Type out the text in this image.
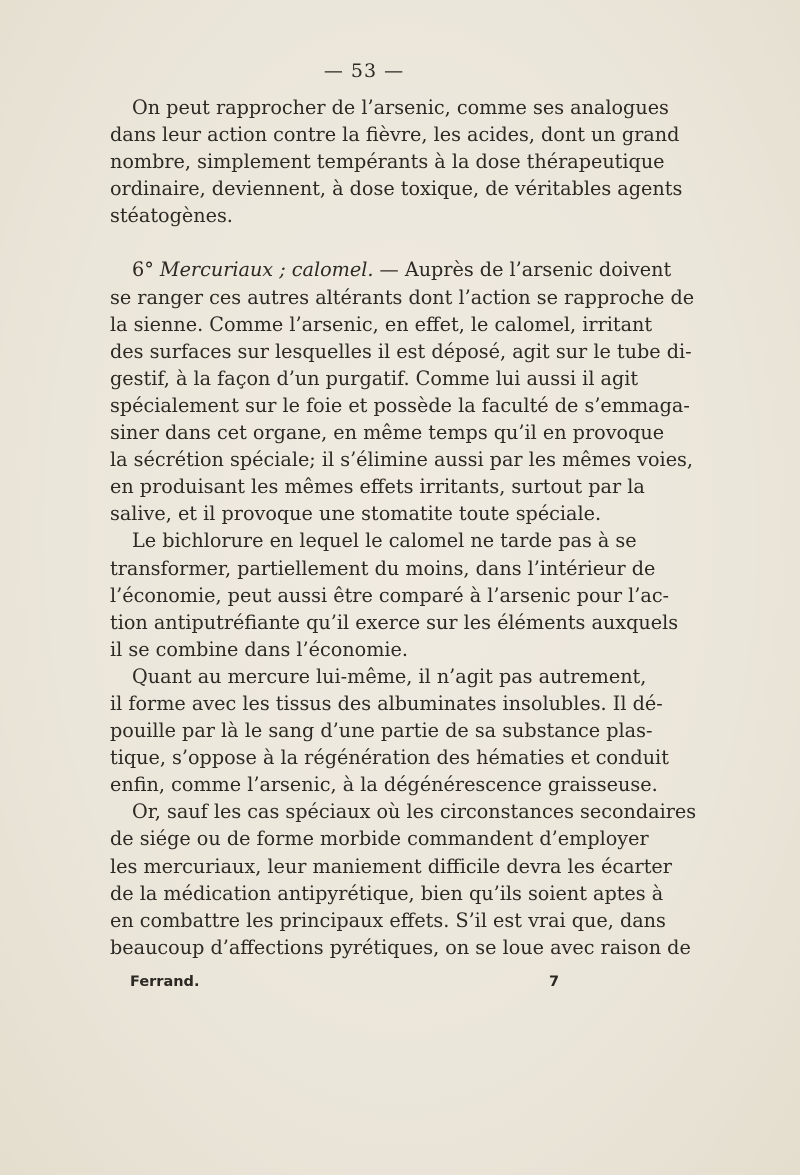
— 53 —
On peut rapprocher de l’arsenic, comme ses analogues
dans leur action contre la fièvre, les acides, dont un grand
nombre, simplement tempérants à la dose thérapeutique
ordinaire, deviennent, à dose toxique, de véritables agents
stéatogènes.
6° Mercuriaux ; calomel. — Auprès de l’arsenic doivent
se ranger ces autres altérants dont l’action se rapproche de
la sienne. Comme l’arsenic, en effet, le calomel, irritant
des surfaces sur lesquelles il est déposé, agit sur le tube di-
gestif, à la façon d’un purgatif. Comme lui aussi il agit
spécialement sur le foie et possède la faculté de s’emmaga-
siner dans cet organe, en même temps qu’il en provoque
la sécrétion spéciale; il s’élimine aussi par les mêmes voies,
en produisant les mêmes effets irritants, surtout par la
salive, et il provoque une stomatite toute spéciale.
Le bichlorure en lequel le calomel ne tarde pas à se
transformer, partiellement du moins, dans l’intérieur de
l’économie, peut aussi être comparé à l’arsenic pour l’ac-
tion antiputréfiante qu’il exerce sur les éléments auxquels
il se combine dans l’économie.
Quant au mercure lui-même, il n’agit pas autrement,
il forme avec les tissus des albuminates insolubles. Il dé-
pouille par là le sang d’une partie de sa substance plas-
tique, s’oppose à la régénération des hématies et conduit
enfin, comme l’arsenic, à la dégénérescence graisseuse.
Or, sauf les cas spéciaux où les circonstances secondaires
de siége ou de forme morbide commandent d’employer
les mercuriaux, leur maniement difficile devra les écarter
de la médication antipyrétique, bien qu’ils soient aptes à
en combattre les principaux effets. S’il est vrai que, dans
beaucoup d’affections pyrétiques, on se loue avec raison de
Ferrand.	7
